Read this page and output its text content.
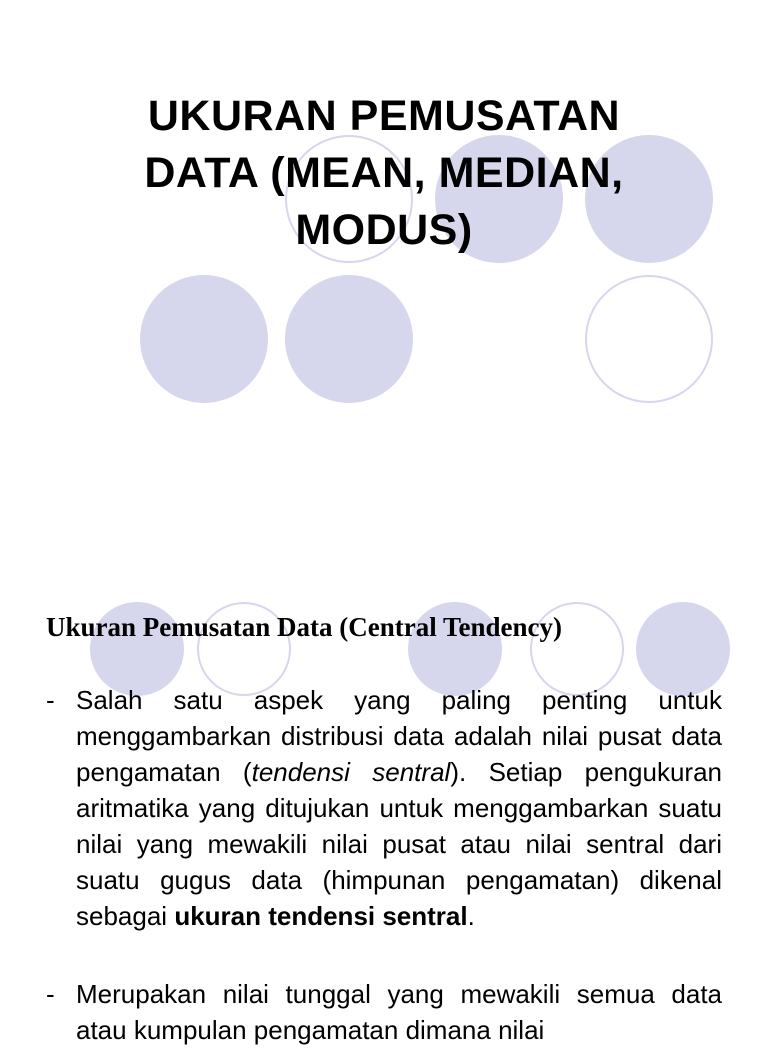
UKURAN PEMUSATAN
DATA (MEAN, MEDIAN,
MODUS)
Ukuran Pemusatan Data (Central Tendency)

- Salah satu aspek yang paling penting untuk menggambarkan distribusi data adalah nilai pusat data pengamatan (tendensi sentral). Setiap pengukuran aritmatika yang ditujukan untuk menggambarkan suatu nilai yang mewakili nilai pusat atau nilai sentral dari suatu gugus data (himpunan pengamatan) dikenal sebagai ukuran tendensi sentral.

- Merupakan nilai tunggal yang mewakili semua data atau kumpulan pengamatan dimana nilai
